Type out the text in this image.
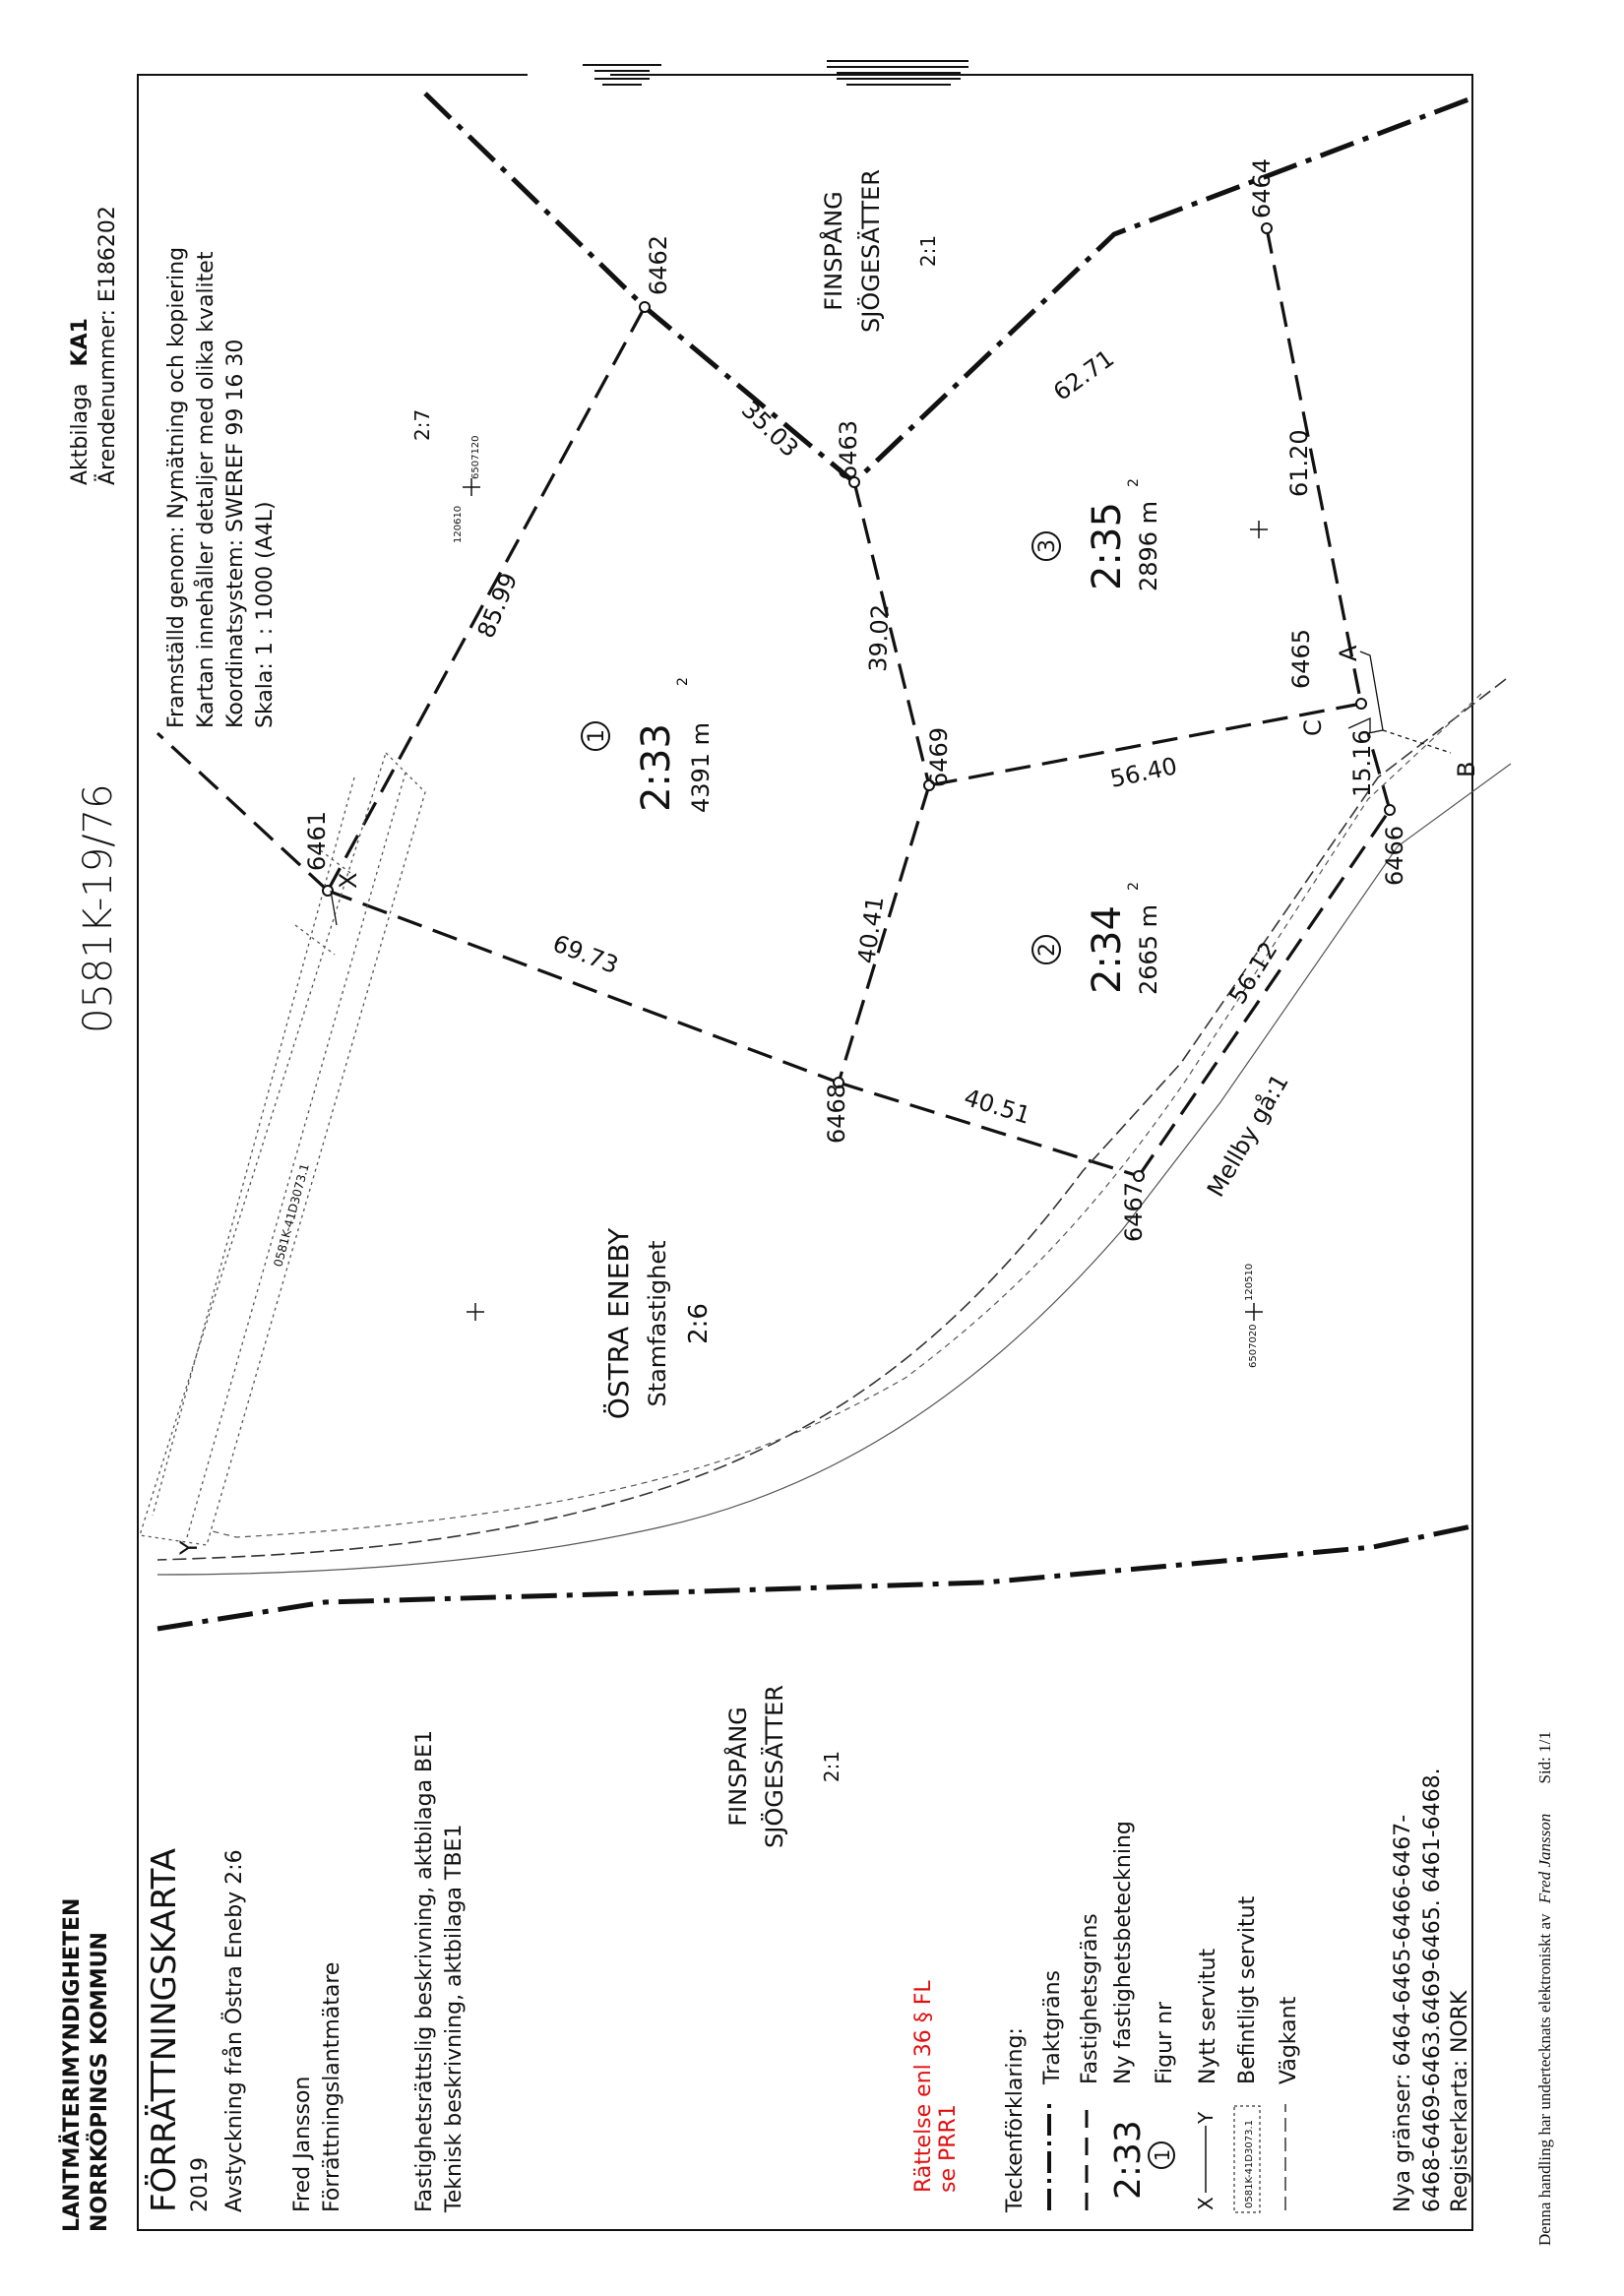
6461
6462
6463
6464
6465
6466
6467
6468
6469
85.99
35.03
62.71
61.20
39.02
56.40
69.73	40.41
15.16
56.12
40.51
1 2:33 4391 m
2
2 2:34 2665 m
2
3 2:35 2896 m
2
ÖSTRA ENEBY Stamfastighet 2:6
FINSPÅNG SJÖGESÄTTER 2:1
FINSPÅNG SJÖGESÄTTER 2:1
2:7
Mellby gå:1
0581K-41D3073.1
120610
6507120
120510
6507020
A
B
C
X
Y
0581K-19/76
Aktbilaga KA1 Ärendenummer: E186202 Framställd genom: Nymätning och kopiering Kartan innehåller detaljer med olika kvalitet Koordinatsystem: SWEREF 99 16 30 Skala: 1 : 1000 (A4L)
LANTMÄTERIMYNDIGHETEN NORRKÖPINGS KOMMUN FÖRRÄTTNINGSKARTA 2019 Avstyckning från Östra Eneby 2:6 Fred Jansson Förrättningslantmätare	Fastighetsrättslig beskrivning, aktbilaga BE1 Teknisk beskrivning, aktbilaga TBE1	Rättelse enl 36 § FL se PRR1 Teckenförklaring:
Traktgräns Fastighetsgräns
2:33
Ny fastighetsbeteckning
1
Figur nr
X
Y
Nytt servitut
0581K-41D3073.1
Befintligt servitut Vägkant	Nya gränser: 6464-6465-6466-6467- 6468-6469-6463.6469-6465. 6461-6468. Registerkarta: NORK	Denna handling har undertecknats elektroniskt av Fred Jansson Sid: 1/1
